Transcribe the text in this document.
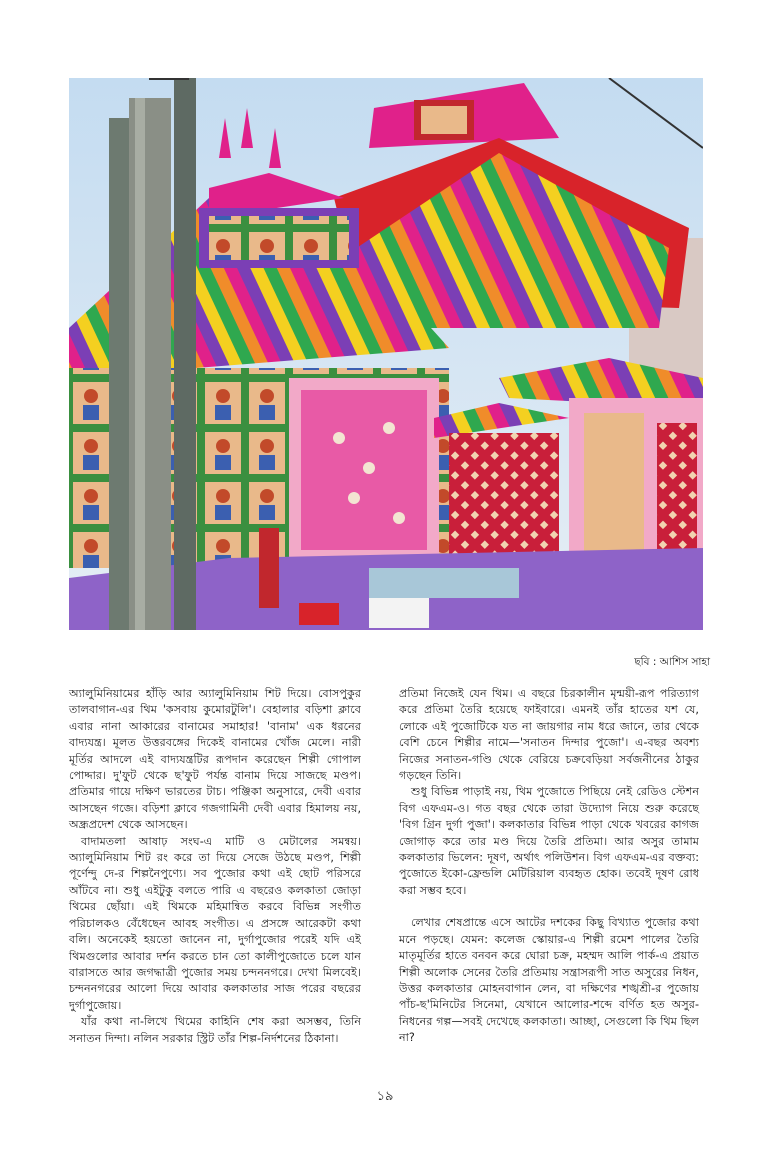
ছবি : আশিস সাহা

অ্যালুমিনিয়ামের হাঁড়ি আর অ্যালুমিনিয়াম শিট দিয়ে। বোসপুকুর তালবাগান-এর থিম 'কসবায় কুমোরটুলি'। বেহালার বড়িশা ক্লাবে এবার নানা আকারের বানামের সমাহার! 'বানাম' এক ধরনের বাদ্যযন্ত্র। মূলত উত্তরবঙ্গের দিকেই বানামের খোঁজ মেলে। নারী মূর্তির আদলে এই বাদ্যযন্ত্রটির রূপদান করেছেন শিল্পী গোপাল পোদ্দার। দু'ফুট থেকে ছ'ফুট পর্যন্ত বানাম দিয়ে সাজছে মণ্ডপ। প্রতিমার গায়ে দক্ষিণ ভারতের টাচ। পঞ্জিকা অনুসারে, দেবী এবার আসছেন গজে। বড়িশা ক্লাবে গজগামিনী দেবী এবার হিমালয় নয়, অন্ধ্রপ্রদেশ থেকে আসছেন।

বাদামতলা আষাঢ় সংঘ-এ মাটি ও মেটালের সমন্বয়। অ্যালুমিনিয়াম শিট রং করে তা দিয়ে সেজে উঠছে মণ্ডপ, শিল্পী পূর্ণেন্দু দে-র শিল্পনৈপুণ্যে। সব পুজোর কথা এই ছোট পরিসরে আঁটবে না। শুধু এইটুকু বলতে পারি এ বছরেও কলকাতা জোড়া থিমের ছোঁয়া। এই থিমকে মহিমান্বিত করবে বিভিন্ন সংগীত পরিচালকও বেঁধেছেন আবহ সংগীত। এ প্রসঙ্গে আরেকটা কথা বলি। অনেকেই হয়তো জানেন না, দুর্গাপুজোর পরেই যদি এই থিমগুলোর আবার দর্শন করতে চান তো কালীপুজোতে চলে যান বারাসতে আর জগদ্ধাত্রী পুজোর সময় চন্দননগরে। দেখা মিলবেই। চন্দননগরের আলো দিয়ে আবার কলকাতার সাজ পরের বছরের দুর্গাপুজোয়।

যাঁর কথা না-লিখে থিমের কাহিনি শেষ করা অসম্ভব, তিনি সনাতন দিন্দা। নলিন সরকার স্ট্রিট তাঁর শিল্প-নির্দশনের ঠিকানা।

প্রতিমা নিজেই যেন থিম। এ বছরে চিরকালীন মৃন্ময়ী-রূপ পরিত্যাগ করে প্রতিমা তৈরি হয়েছে ফাইবারে। এমনই তাঁর হাতের যশ যে, লোকে এই পুজোটিকে যত না জায়গার নাম ধরে জানে, তার থেকে বেশি চেনে শিল্পীর নামে—'সনাতন দিন্দার পুজো'। এ-বছর অবশ্য নিজের সনাতন-গণ্ডি থেকে বেরিয়ে চক্রবেড়িয়া সর্বজনীনের ঠাকুর গড়ছেন তিনি।

শুধু বিভিন্ন পাড়াই নয়, থিম পুজোতে পিছিয়ে নেই রেডিও স্টেশন বিগ এফএম-ও। গত বছর থেকে তারা উদ্যোগ নিয়ে শুরু করেছে 'বিগ গ্রিন দুর্গা পুজা'। কলকাতার বিভিন্ন পাড়া থেকে খবরের কাগজ জোগাড় করে তার মণ্ড দিয়ে তৈরি প্রতিমা। আর অসুর তামাম কলকাতার ভিলেন: দূষণ, অর্থাৎ পলিউশন। বিগ এফএম-এর বক্তব্য: পুজোতে ইকো-ফ্রেন্ডলি মেটিরিয়াল ব্যবহৃত হোক। তবেই দূষণ রোধ করা সম্ভব হবে।

লেখার শেষপ্রান্তে এসে আটের দশকের কিছু বিখ্যাত পুজোর কথা মনে পড়ছে। যেমন: কলেজ স্কোয়ার-এ শিল্পী রমেশ পালের তৈরি মাতৃমূর্তির হাতে বনবন করে ঘোরা চক্র, মহম্মদ আলি পার্ক-এ প্রয়াত শিল্পী অলোক সেনের তৈরি প্রতিমায় সন্ত্রাসরূপী সাত অসুরের নিধন, উত্তর কলকাতার মোহনবাগান লেন, বা দক্ষিণের শঙ্খশ্রী-র পুজোয় পাঁচ-ছ'মিনিটের সিনেমা, যেখানে আলোর-শব্দে বর্ণিত হত অসুর-নিধনের গল্প—সবই দেখেছে কলকাতা। আচ্ছা, সেগুলো কি থিম ছিল না?

১৯
